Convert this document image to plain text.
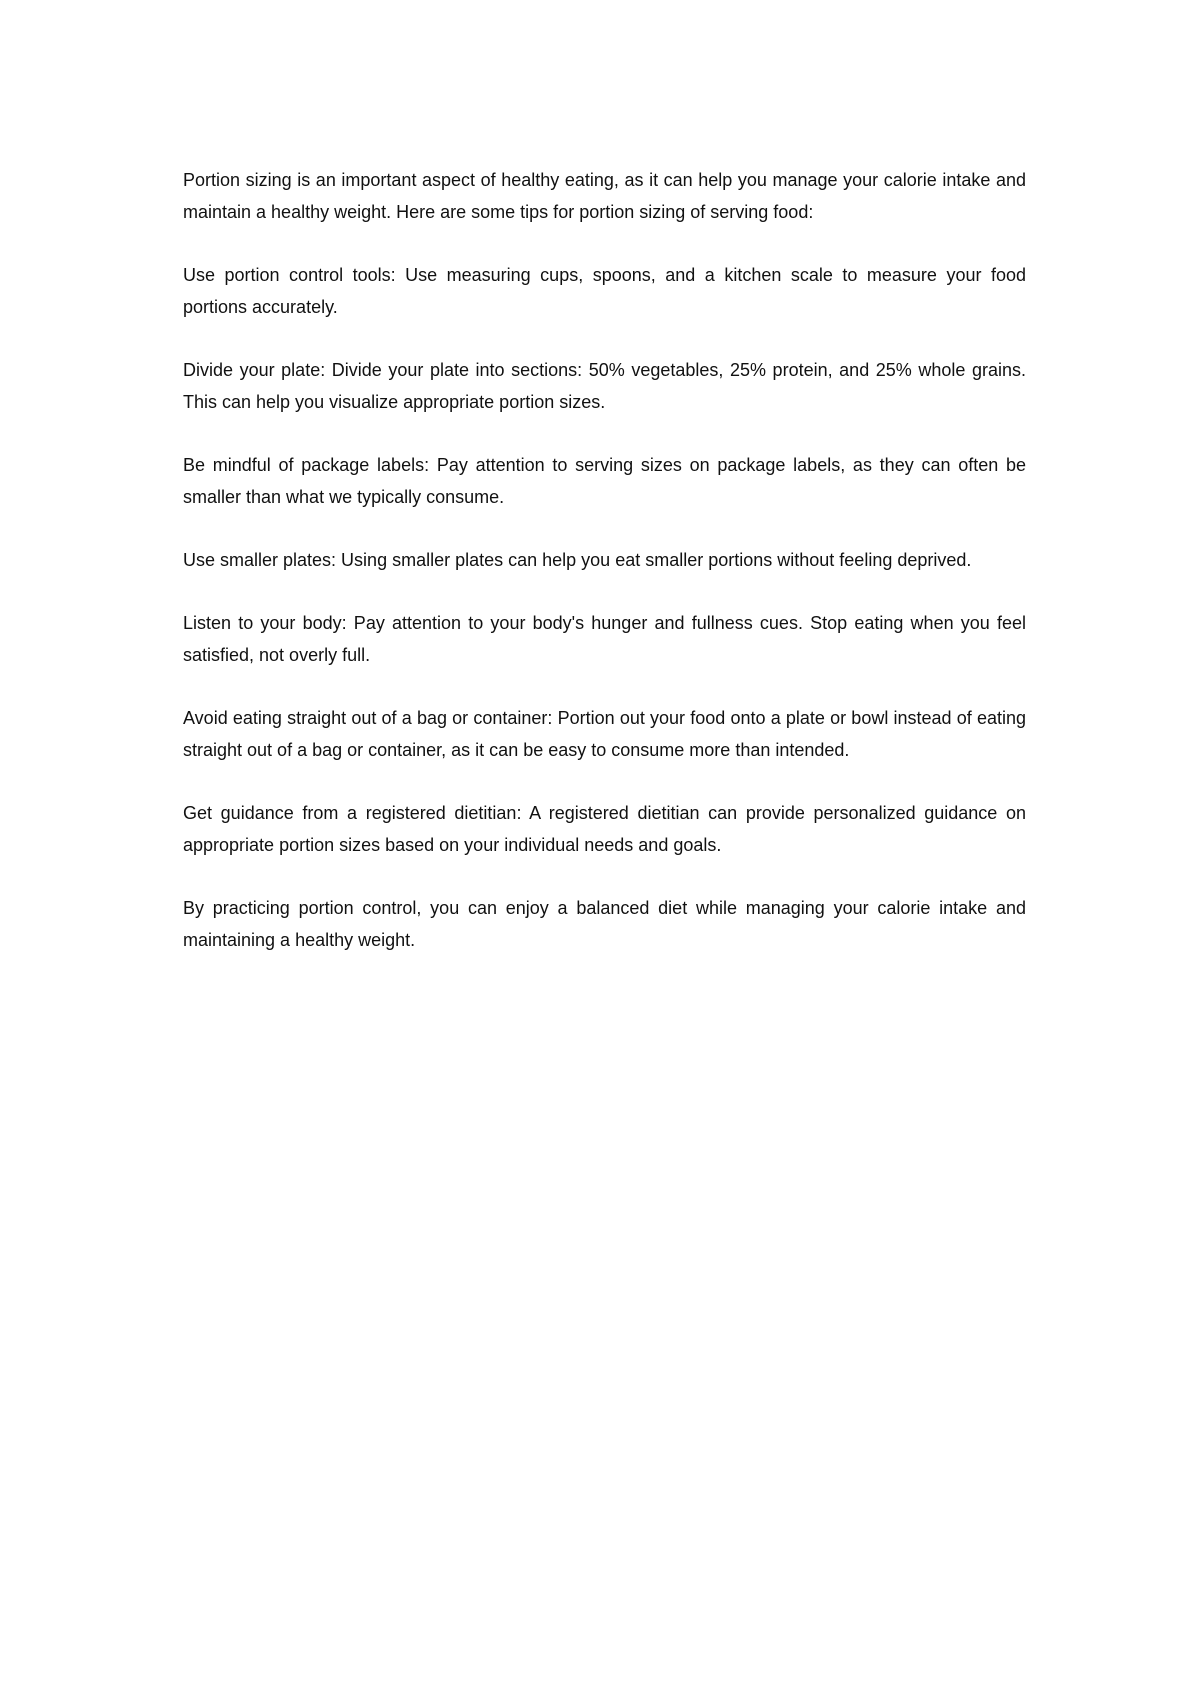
Portion sizing is an important aspect of healthy eating, as it can help you manage your calorie intake and maintain a healthy weight. Here are some tips for portion sizing of serving food:

Use portion control tools: Use measuring cups, spoons, and a kitchen scale to measure your food portions accurately.

Divide your plate: Divide your plate into sections: 50% vegetables, 25% protein, and 25% whole grains. This can help you visualize appropriate portion sizes.

Be mindful of package labels: Pay attention to serving sizes on package labels, as they can often be smaller than what we typically consume.

Use smaller plates: Using smaller plates can help you eat smaller portions without feeling deprived.

Listen to your body: Pay attention to your body's hunger and fullness cues. Stop eating when you feel satisfied, not overly full.

Avoid eating straight out of a bag or container: Portion out your food onto a plate or bowl instead of eating straight out of a bag or container, as it can be easy to consume more than intended.

Get guidance from a registered dietitian: A registered dietitian can provide personalized guidance on appropriate portion sizes based on your individual needs and goals.

By practicing portion control, you can enjoy a balanced diet while managing your calorie intake and maintaining a healthy weight.
